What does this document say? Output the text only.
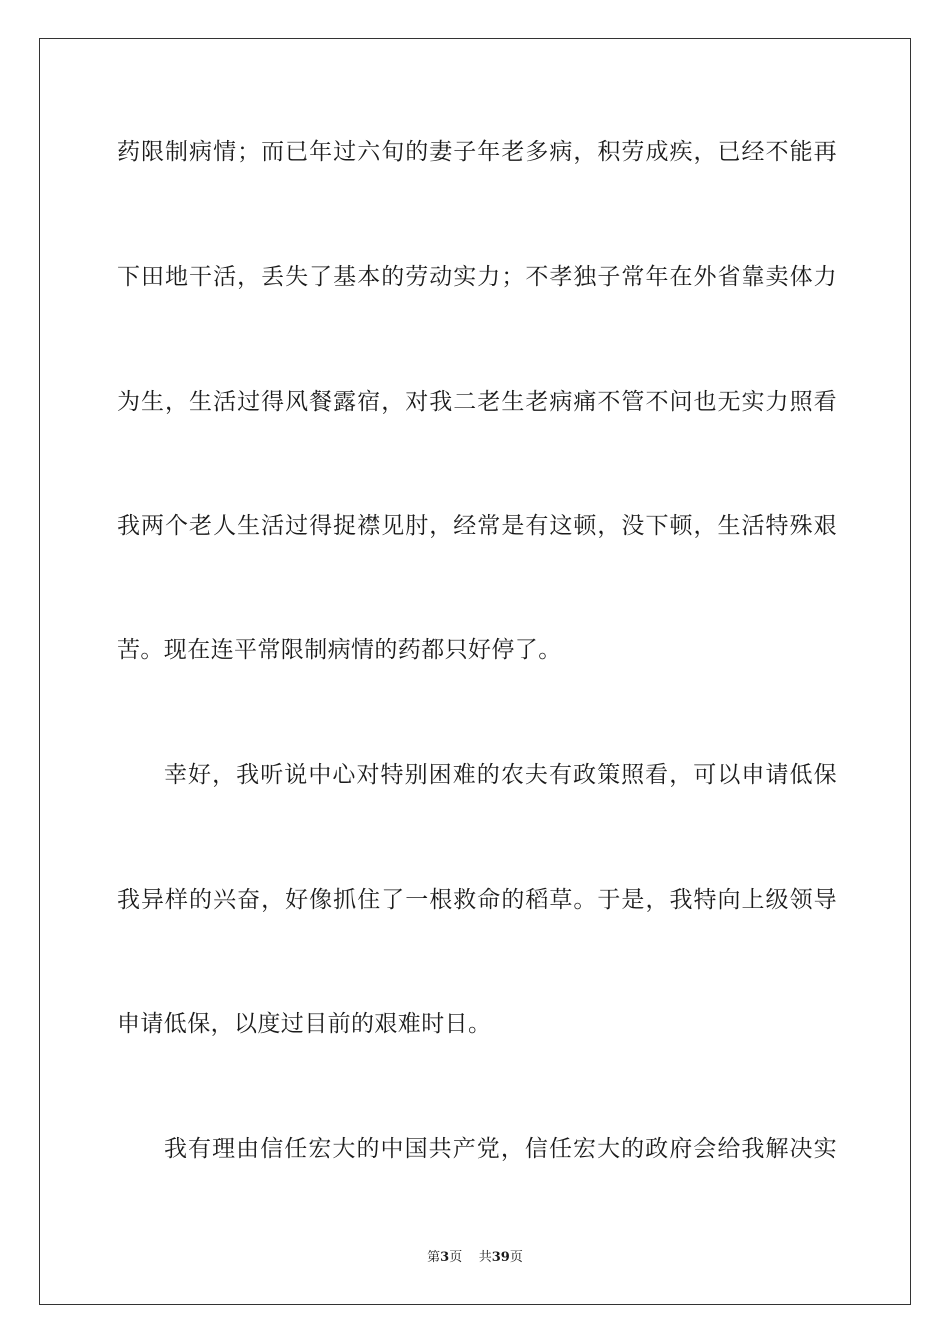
药限制病情；而已年过六旬的妻子年老多病，积劳成疾，已经不能再
下田地干活，丢失了基本的劳动实力；不孝独子常年在外省靠卖体力
为生，生活过得风餐露宿，对我二老生老病痛不管不问也无实力照看
我两个老人生活过得捉襟见肘，经常是有这顿，没下顿，生活特殊艰
苦。现在连平常限制病情的药都只好停了。
幸好，我听说中心对特别困难的农夫有政策照看，可以申请低保
我异样的兴奋，好像抓住了一根救命的稻草。于是，我特向上级领导
申请低保，以度过目前的艰难时日。
我有理由信任宏大的中国共产党，信任宏大的政府会给我解决实
第3页 共39页
